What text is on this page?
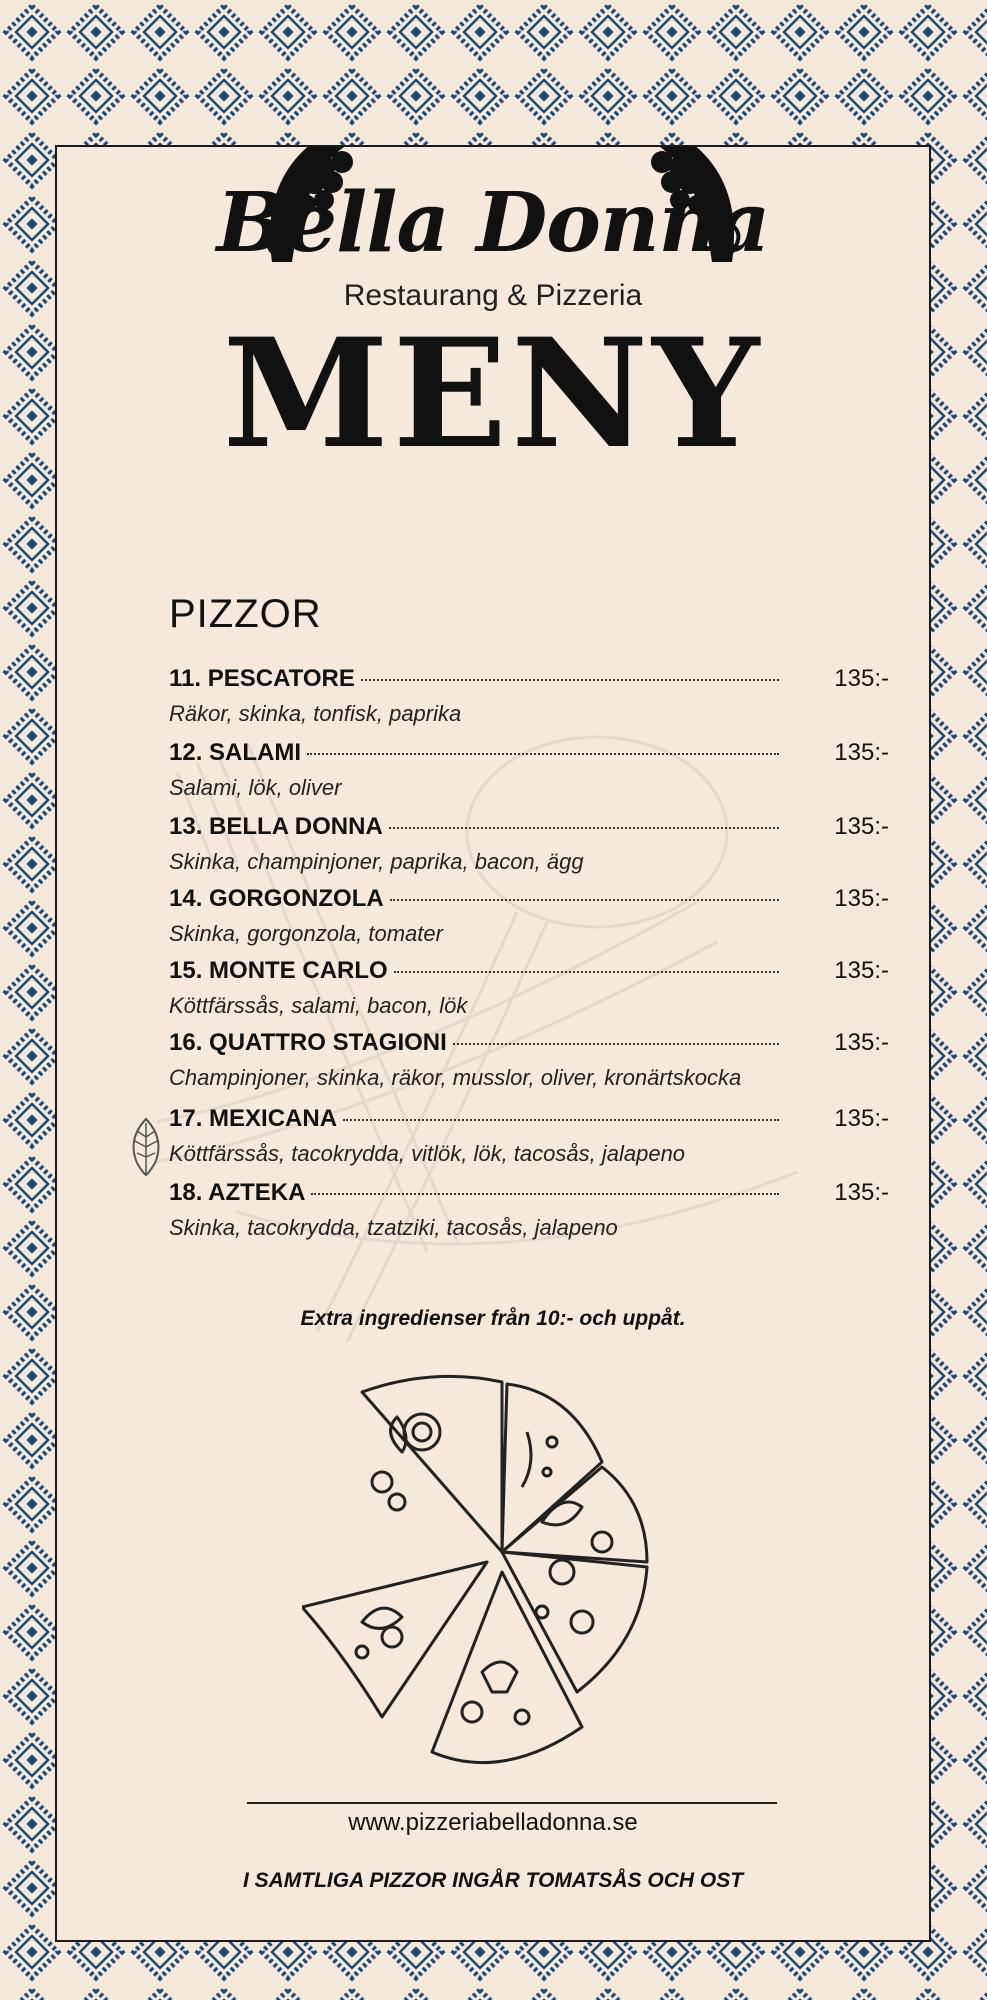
Bella Donna
Restaurang & Pizzeria
MENY
PIZZOR
11. PESCATORE	135:-
Räkor, skinka, tonfisk, paprika
12. SALAMI	135:-
Salami, lök, oliver
13. BELLA DONNA	135:-
Skinka, champinjoner, paprika, bacon, ägg
14. GORGONZOLA	135:-
Skinka, gorgonzola, tomater
15. MONTE CARLO	135:-
Köttfärssås, salami, bacon, lök
16. QUATTRO STAGIONI	135:-
Champinjoner, skinka, räkor, musslor, oliver, kronärtskocka
17. MEXICANA	135:-
Köttfärssås, tacokrydda, vitlök, lök, tacosås, jalapeno
18. AZTEKA	135:-
Skinka, tacokrydda, tzatziki, tacosås, jalapeno
Extra ingredienser från 10:- och uppåt.
www.pizzeriabelladonna.se
I SAMTLIGA PIZZOR INGÅR TOMATSÅS OCH OST
